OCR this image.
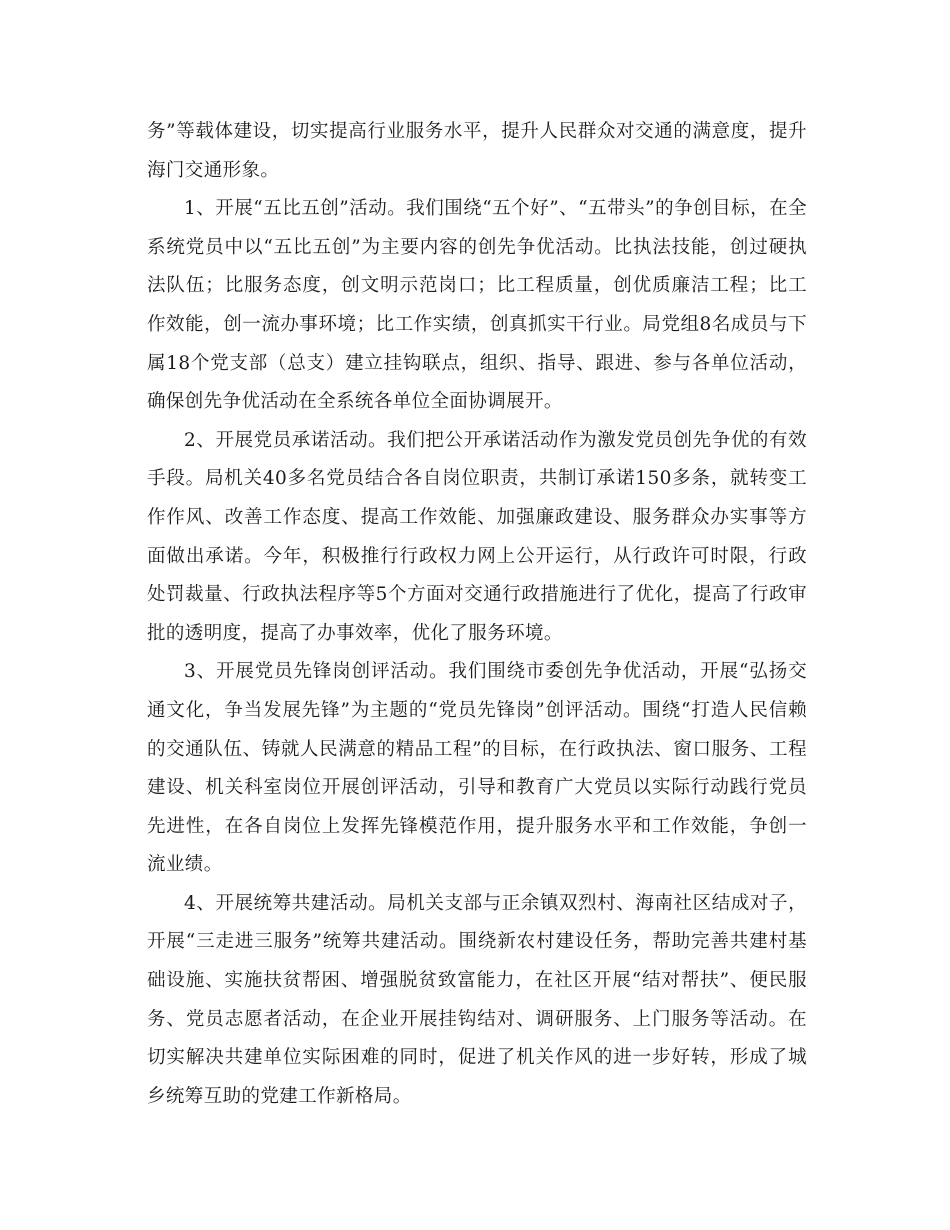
务”等载体建设，切实提高行业服务水平，提升人民群众对交通的满意度，提升海门交通形象。

1、开展“五比五创”活动。我们围绕“五个好”、“五带头”的争创目标，在全系统党员中以“五比五创”为主要内容的创先争优活动。比执法技能，创过硬执法队伍；比服务态度，创文明示范岗口；比工程质量，创优质廉洁工程；比工作效能，创一流办事环境；比工作实绩，创真抓实干行业。局党组8名成员与下属18个党支部（总支）建立挂钩联点，组织、指导、跟进、参与各单位活动，确保创先争优活动在全系统各单位全面协调展开。

2、开展党员承诺活动。我们把公开承诺活动作为激发党员创先争优的有效手段。局机关40多名党员结合各自岗位职责，共制订承诺150多条，就转变工作作风、改善工作态度、提高工作效能、加强廉政建设、服务群众办实事等方面做出承诺。今年，积极推行行政权力网上公开运行，从行政许可时限，行政处罚裁量、行政执法程序等5个方面对交通行政措施进行了优化，提高了行政审批的透明度，提高了办事效率，优化了服务环境。

3、开展党员先锋岗创评活动。我们围绕市委创先争优活动，开展“弘扬交通文化，争当发展先锋”为主题的“党员先锋岗”创评活动。围绕“打造人民信赖的交通队伍、铸就人民满意的精品工程”的目标，在行政执法、窗口服务、工程建设、机关科室岗位开展创评活动，引导和教育广大党员以实际行动践行党员先进性，在各自岗位上发挥先锋模范作用，提升服务水平和工作效能，争创一流业绩。

4、开展统筹共建活动。局机关支部与正余镇双烈村、海南社区结成对子，开展“三走进三服务”统筹共建活动。围绕新农村建设任务，帮助完善共建村基础设施、实施扶贫帮困、增强脱贫致富能力，在社区开展“结对帮扶”、便民服务、党员志愿者活动，在企业开展挂钩结对、调研服务、上门服务等活动。在切实解决共建单位实际困难的同时，促进了机关作风的进一步好转，形成了城乡统筹互助的党建工作新格局。
